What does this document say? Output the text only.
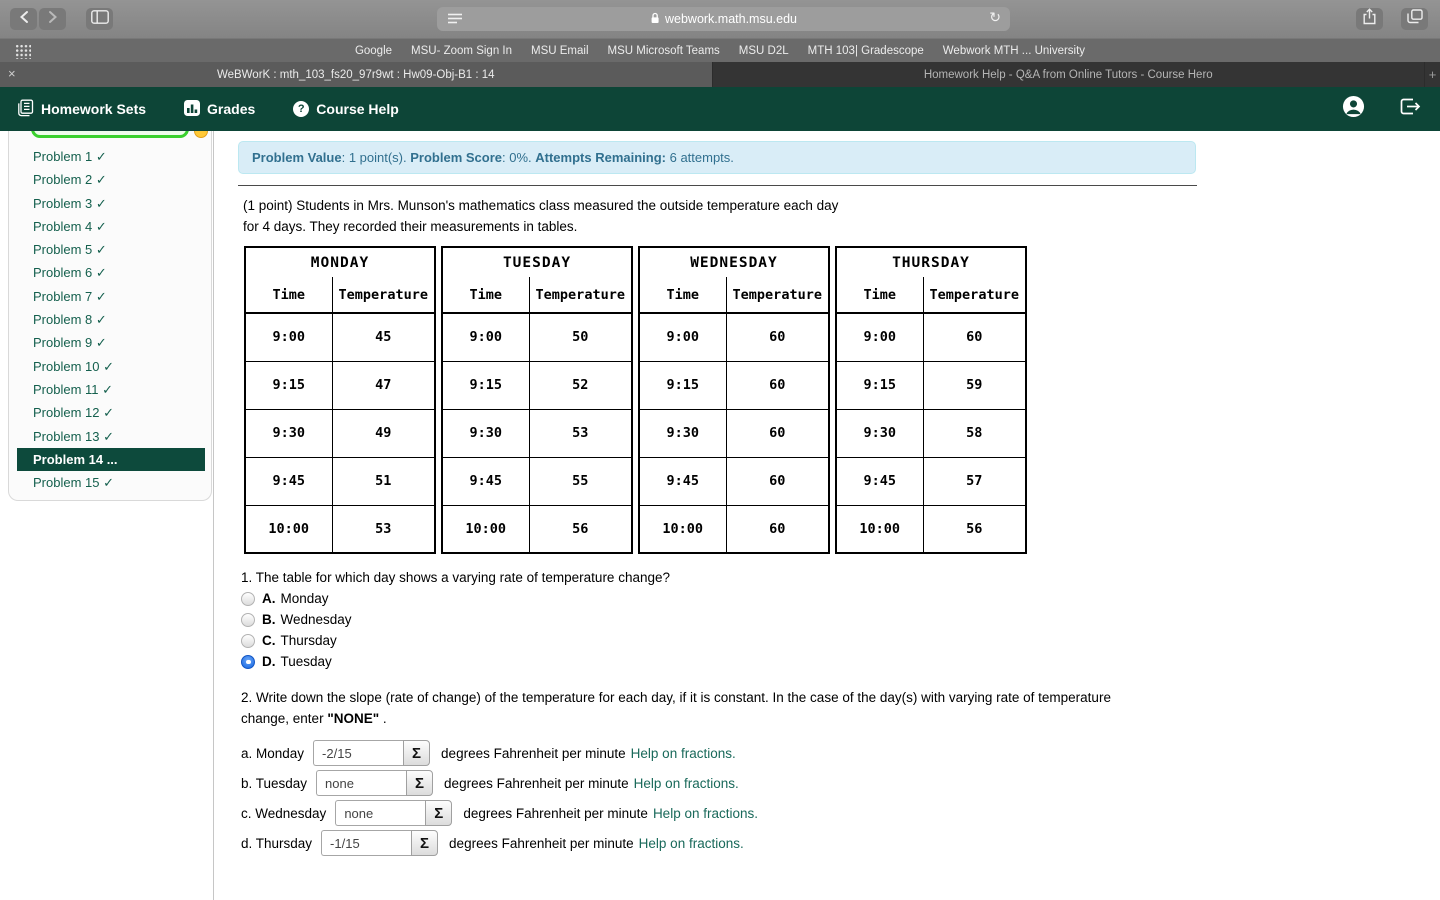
webwork.math.msu.edu	↻
Google MSU- Zoom Sign In MSU Email MSU Microsoft Teams MSU D2L MTH 103| Gradescope Webwork MTH ... University
×	WeBWorK : mth_103_fs20_97r9wt : Hw09-Obj-B1 : 14	Homework Help - Q&A from Online Tutors - Course Hero	+
Homework Sets	Grades	? Course Help
Problem 1 ✓
Problem 2 ✓
Problem 3 ✓
Problem 4 ✓
Problem 5 ✓
Problem 6 ✓
Problem 7 ✓
Problem 8 ✓
Problem 9 ✓
Problem 10 ✓
Problem 11 ✓
Problem 12 ✓
Problem 13 ✓
Problem 14 ...
Problem 15 ✓
Problem Value: 1 point(s). Problem Score: 0%. Attempts Remaining: 6 attempts.
(1 point) Students in Mrs. Munson's mathematics class measured the outside temperature each day
for 4 days. They recorded their measurements in tables.
MONDAY	
Time	Temperature
9:00	45
9:15	47
9:30	49
9:45	51
10:00	53
TUESDAY	
Time	Temperature
9:00	50
9:15	52
9:30	53
9:45	55
10:00	56
WEDNESDAY	
Time	Temperature
9:00	60
9:15	60
9:30	60
9:45	60
10:00	60
THURSDAY	
Time	Temperature
9:00	60
9:15	59
9:30	58
9:45	57
10:00	56
1. The table for which day shows a varying rate of temperature change?
A. Monday
B. Wednesday
C. Thursday
D. Tuesday
2. Write down the slope (rate of change) of the temperature for each day, if it is constant. In the case of the day(s) with varying rate of temperature change, enter "NONE" .
a. Monday
-2/15	Σ	degrees Fahrenheit per minute Help on fractions.
b. Tuesday
none	Σ	degrees Fahrenheit per minute Help on fractions.
c. Wednesday
none	Σ	degrees Fahrenheit per minute Help on fractions.
d. Thursday
-1/15	Σ	degrees Fahrenheit per minute Help on fractions.
